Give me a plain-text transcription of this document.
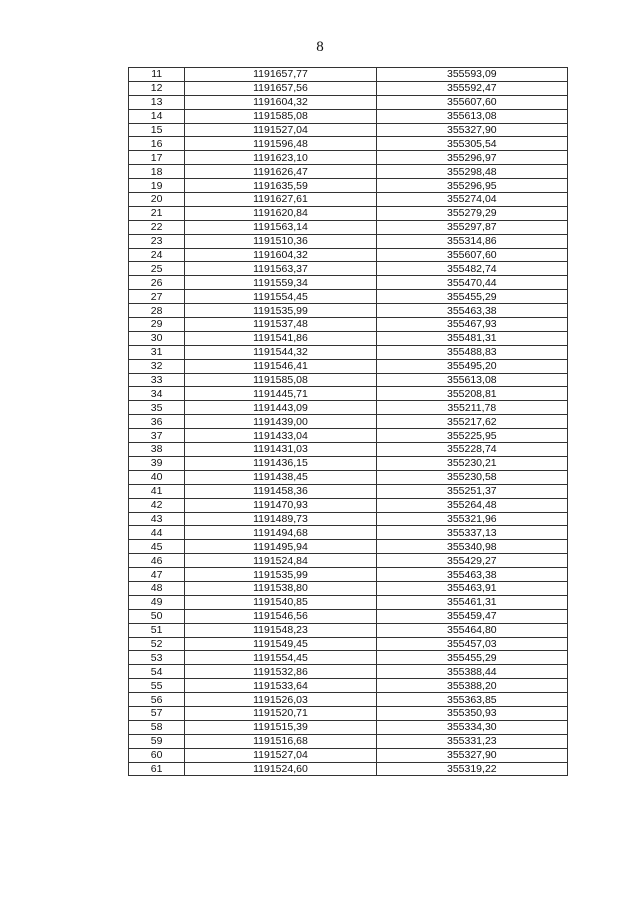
8
11	1191657,77	355593,09
12	1191657,56	355592,47
13	1191604,32	355607,60
14	1191585,08	355613,08
15	1191527,04	355327,90
16	1191596,48	355305,54
17	1191623,10	355296,97
18	1191626,47	355298,48
19	1191635,59	355296,95
20	1191627,61	355274,04
21	1191620,84	355279,29
22	1191563,14	355297,87
23	1191510,36	355314,86
24	1191604,32	355607,60
25	1191563,37	355482,74
26	1191559,34	355470,44
27	1191554,45	355455,29
28	1191535,99	355463,38
29	1191537,48	355467,93
30	1191541,86	355481,31
31	1191544,32	355488,83
32	1191546,41	355495,20
33	1191585,08	355613,08
34	1191445,71	355208,81
35	1191443,09	355211,78
36	1191439,00	355217,62
37	1191433,04	355225,95
38	1191431,03	355228,74
39	1191436,15	355230,21
40	1191438,45	355230,58
41	1191458,36	355251,37
42	1191470,93	355264,48
43	1191489,73	355321,96
44	1191494,68	355337,13
45	1191495,94	355340,98
46	1191524,84	355429,27
47	1191535,99	355463,38
48	1191538,80	355463,91
49	1191540,85	355461,31
50	1191546,56	355459,47
51	1191548,23	355464,80
52	1191549,45	355457,03
53	1191554,45	355455,29
54	1191532,86	355388,44
55	1191533,64	355388,20
56	1191526,03	355363,85
57	1191520,71	355350,93
58	1191515,39	355334,30
59	1191516,68	355331,23
60	1191527,04	355327,90
61	1191524,60	355319,22
